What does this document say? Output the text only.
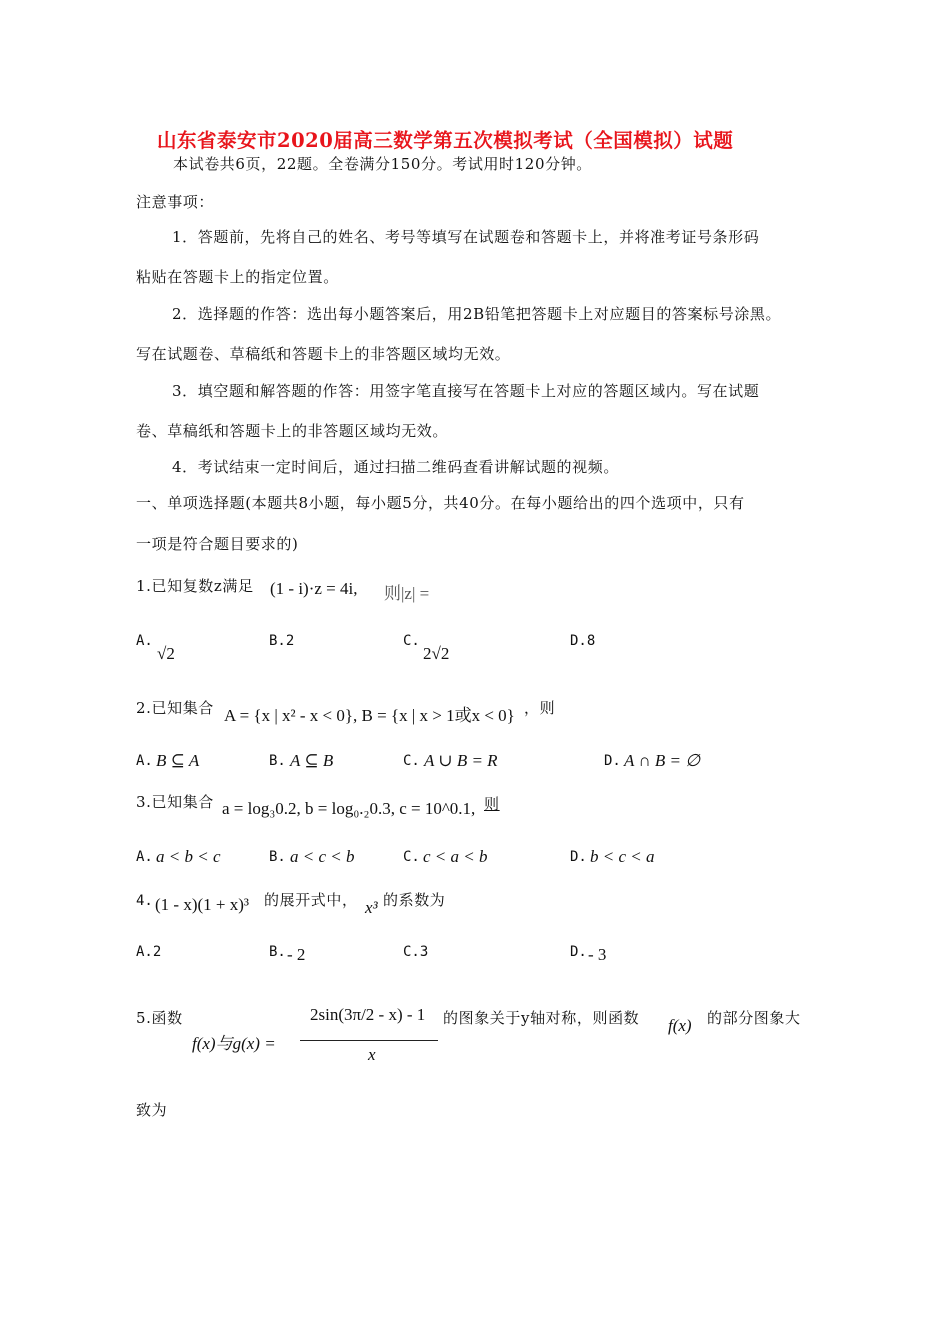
山东省泰安市2020届高三数学第五次模拟考试（全国模拟）试题
本试卷共6页，22题。全卷满分150分。考试用时120分钟。
注意事项：
1．答题前，先将自己的姓名、考号等填写在试题卷和答题卡上，并将准考证号条形码
粘贴在答题卡上的指定位置。
2．选择题的作答：选出每小题答案后，用2B铅笔把答题卡上对应题目的答案标号涂黑。
写在试题卷、草稿纸和答题卡上的非答题区域均无效。
3．填空题和解答题的作答：用签字笔直接写在答题卡上对应的答题区域内。写在试题
卷、草稿纸和答题卡上的非答题区域均无效。
4．考试结束一定时间后，通过扫描二维码查看讲解试题的视频。
一、单项选择题(本题共8小题，每小题5分，共40分。在每小题给出的四个选项中，只有
一项是符合题目要求的)
1.已知复数z满足 (1 - i)·z = 4i, 则|z| =
A.
√2
B.2	C.
2√2
D.8
2.已知集合 A = {x | x² - x < 0}, B = {x | x > 1或x < 0} ，则
A. B ⊆ A	B. A ⊆ B	C. A ∪ B = R	D. A ∩ B = ∅
3.已知集合 a = log₃0.2, b = log₀.₂0.3, c = 10^0.1, 则
A. a < b < c	B. a < c < b	C. c < a < b	D. b < c < a
4. (1 - x)(1 + x)³ 的展开式中， x³ 的系数为
A.2	B. - 2	C.3	D. - 3
5.函数
f(x)与g(x) =
2sin(3π/2 - x) - 1
x
的图象关于y轴对称，则函数 f(x) 的部分图象大
致为
